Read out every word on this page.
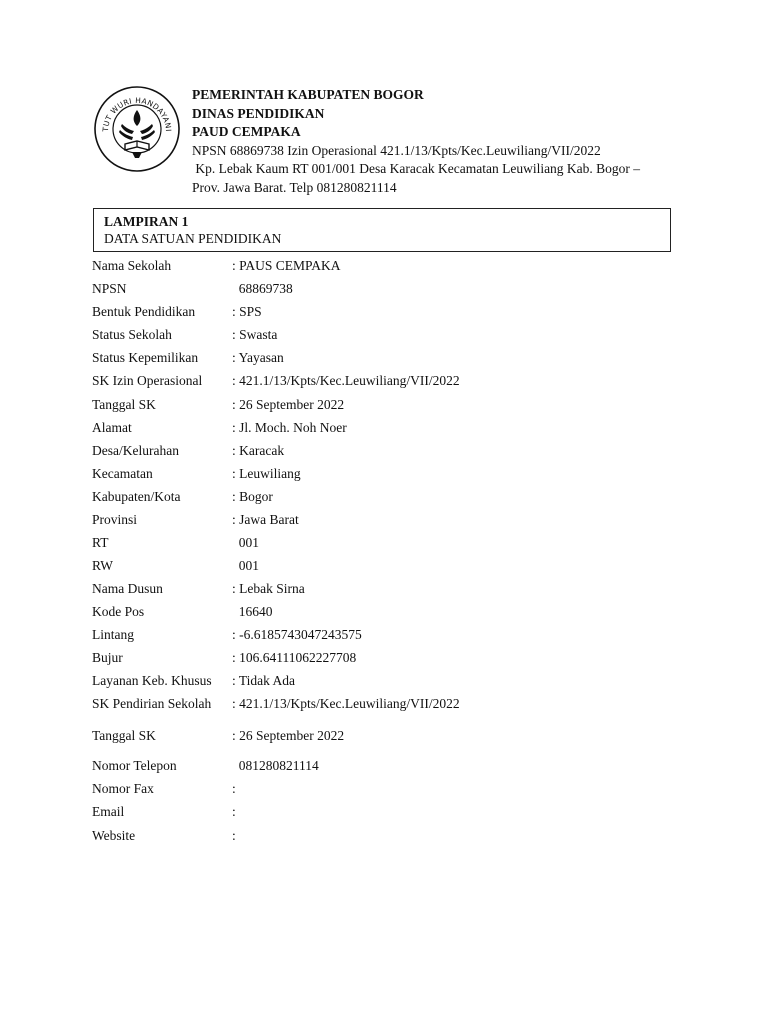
TUT WURI HANDAYANI
PEMERINTAH KABUPATEN BOGOR
DINAS PENDIDIKAN
PAUD CEMPAKA
NPSN 68869738 Izin Operasional 421.1/13/Kpts/Kec.Leuwiliang/VII/2022
Kp. Lebak Kaum RT 001/001 Desa Karacak Kecamatan Leuwiliang Kab. Bogor –
Prov. Jawa Barat. Telp 081280821114
LAMPIRAN 1
DATA SATUAN PENDIDIKAN
Nama Sekolah	: PAUS CEMPAKA
NPSN	68869738
Bentuk Pendidikan	: SPS
Status Sekolah	: Swasta
Status Kepemilikan	: Yayasan
SK Izin Operasional	: 421.1/13/Kpts/Kec.Leuwiliang/VII/2022
Tanggal SK	: 26 September 2022
Alamat	: Jl. Moch. Noh Noer
Desa/Kelurahan	: Karacak
Kecamatan	: Leuwiliang
Kabupaten/Kota	: Bogor
Provinsi	: Jawa Barat
RT	001
RW	001
Nama Dusun	: Lebak Sirna
Kode Pos	16640
Lintang	: -6.6185743047243575
Bujur	: 106.64111062227708
Layanan Keb. Khusus	: Tidak Ada
SK Pendirian Sekolah	: 421.1/13/Kpts/Kec.Leuwiliang/VII/2022
Tanggal SK	: 26 September 2022
Nomor Telepon	081280821114
Nomor Fax	:
Email	:
Website	:
